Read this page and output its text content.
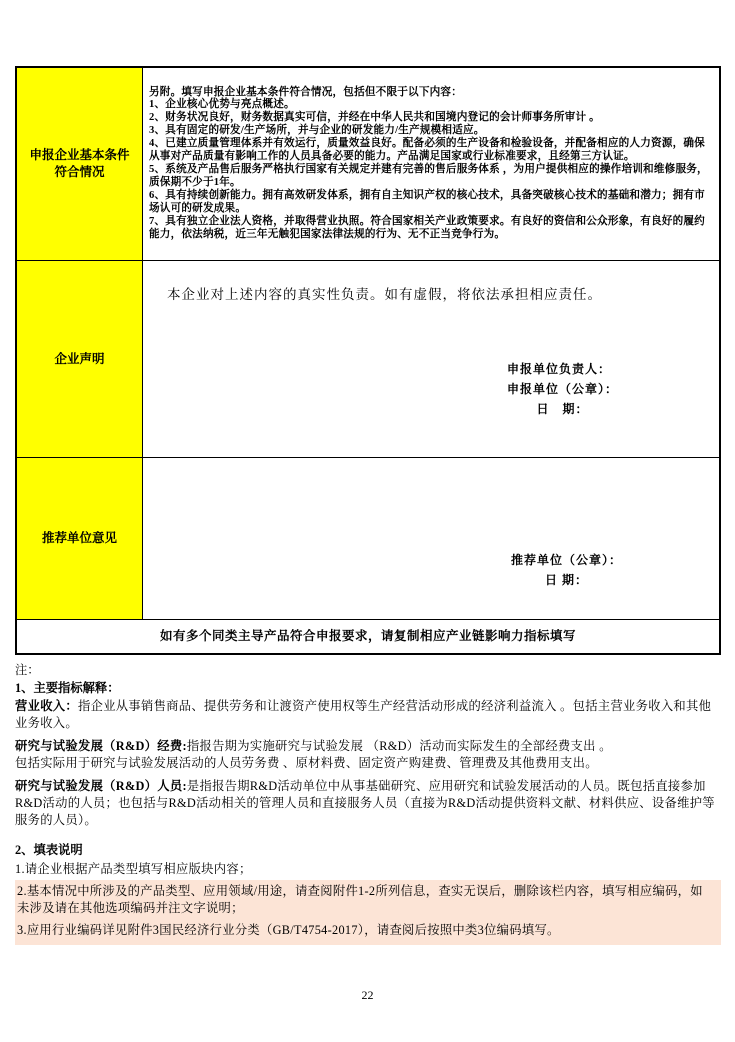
申报企业基本条件符合情况
另附。填写申报企业基本条件符合情况，包括但不限于以下内容：
1、企业核心优势与亮点概述。
2、财务状况良好，财务数据真实可信，并经在中华人民共和国境内登记的会计师事务所审计 。
3、具有固定的研发/生产场所，并与企业的研发能力/生产规模相适应。
4、已建立质量管理体系并有效运行，质量效益良好。配备必须的生产设备和检验设备，并配备相应的人力资源，确保从事对产品质量有影响工作的人员具备必要的能力。产品满足国家或行业标准要求，且经第三方认证。
5、系统及产品售后服务严格执行国家有关规定并建有完善的售后服务体系 ，为用户提供相应的操作培训和维修服务，质保期不少于1年。
6、具有持续创新能力。拥有高效研发体系，拥有自主知识产权的核心技术，具备突破核心技术的基础和潜力；拥有市场认可的研发成果。
7、具有独立企业法人资格，并取得营业执照。符合国家相关产业政策要求。有良好的资信和公众形象，有良好的履约能力，依法纳税，近三年无触犯国家法律法规的行为、无不正当竞争行为。
企业声明
本企业对上述内容的真实性负责。如有虚假，将依法承担相应责任。
申报单位负责人：
申报单位（公章）：
日　期：
推荐单位意见
推荐单位（公章）：
日 期：
如有多个同类主导产品符合申报要求，请复制相应产业链影响力指标填写
注：
1、主要指标解释：
营业收入：指企业从事销售商品、提供劳务和让渡资产使用权等生产经营活动形成的经济利益流入 。包括主营业务收入和其他业务收入。
研究与试验发展（R&D）经费:指报告期为实施研究与试验发展 （R&D）活动而实际发生的全部经费支出 。
包括实际用于研究与试验发展活动的人员劳务费 、原材料费、固定资产购建费、管理费及其他费用支出。
研究与试验发展（R&D）人员:是指报告期R&D活动单位中从事基础研究、应用研究和试验发展活动的人员。既包括直接参加R&D活动的人员；也包括与R&D活动相关的管理人员和直接服务人员（直接为R&D活动提供资料文献、材料供应、设备维护等服务的人员）。
2、填表说明
1.请企业根据产品类型填写相应版块内容；
2.基本情况中所涉及的产品类型、应用领域/用途，请查阅附件1-2所列信息，查实无误后，删除该栏内容，填写相应编码，如未涉及请在其他选项编码并注文字说明；
3.应用行业编码详见附件3国民经济行业分类（GB/T4754-2017），请查阅后按照中类3位编码填写。
22
